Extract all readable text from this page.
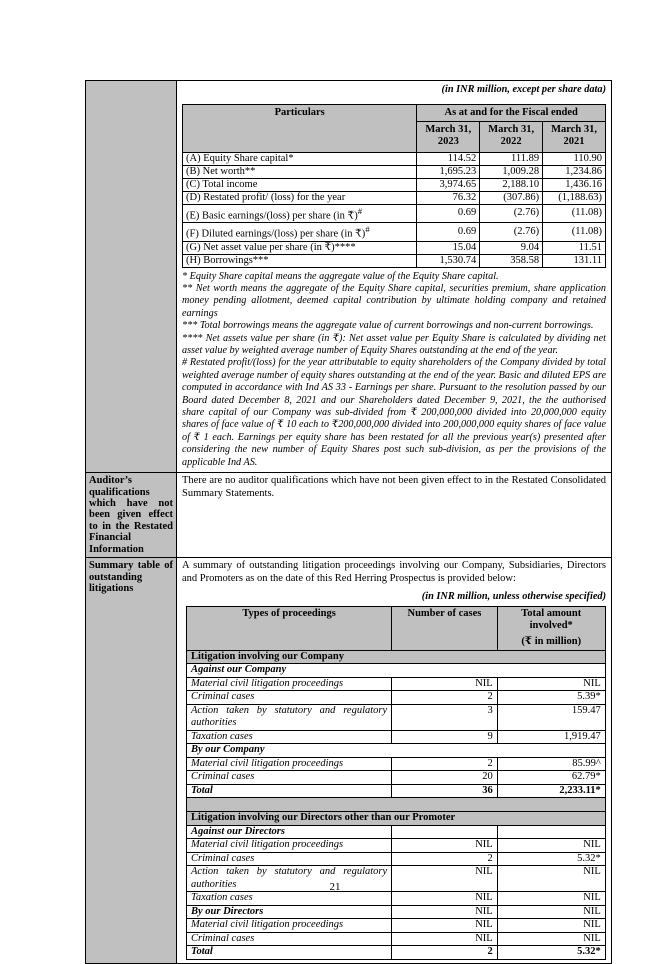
(in INR million, except per share data)
Particulars	As at and for the Fiscal ended
March 31, 2023	March 31, 2022	March 31, 2021
(A) Equity Share capital*	114.52	111.89	110.90
(B) Net worth**	1,695.23	1,009.28	1,234.86
(C) Total income	3,974.65	2,188.10	1,436.16
(D) Restated profit/ (loss) for the year	76.32	(307.86)	(1,188.63)
(E) Basic earnings/(loss) per share (in ₹)#	0.69	(2.76)	(11.08)
(F) Diluted earnings/(loss) per share (in ₹)#	0.69	(2.76)	(11.08)
(G) Net asset value per share (in ₹)****	15.04	9.04	11.51
(H) Borrowings***	1,530.74	358.58	131.11

* Equity Share capital means the aggregate value of the Equity Share capital.

** Net worth means the aggregate of the Equity Share capital, securities premium, share application money pending allotment, deemed capital contribution by ultimate holding company and retained earnings

*** Total borrowings means the aggregate value of current borrowings and non-current borrowings.

**** Net assets value per share (in ₹): Net asset value per Equity Share is calculated by dividing net asset value by weighted average number of Equity Shares outstanding at the end of the year.

# Restated profit/(loss) for the year attributable to equity shareholders of the Company divided by total weighted average number of equity shares outstanding at the end of the year. Basic and diluted EPS are computed in accordance with Ind AS 33 - Earnings per share. Pursuant to the resolution passed by our Board dated December 8, 2021 and our Shareholders dated December 9, 2021, the the authorised share capital of our Company was sub-divided from ₹ 200,000,000 divided into 20,000,000 equity shares of face value of ₹ 10 each to ₹200,000,000 divided into 200,000,000 equity shares of face value of ₹ 1 each. Earnings per equity share has been restated for all the previous year(s) presented after considering the new number of Equity Shares post such sub-division, as per the provisions of the applicable Ind AS.

Auditor’s qualifications which have not been given effect to in the Restated Financial Information	

There are no auditor qualifications which have not been given effect to in the Restated Consolidated Summary Statements.

Summary table of outstanding litigations	

A summary of outstanding litigation proceedings involving our Company, Subsidiaries, Directors and Promoters as on the date of this Red Herring Prospectus is provided below:

(in INR million, unless otherwise specified)
Types of proceedings	Number of cases	Total amount involved*
(₹ in million)

Litigation involving our Company
Against our Company
Material civil litigation proceedings	NIL	NIL
Criminal cases	2	5.39*
Action taken by statutory and regulatory authorities	3	159.47
Taxation cases	9	1,919.47
By our Company
Material civil litigation proceedings	2	85.99^
Criminal cases	20	62.79*
Total	36	2,233.11*

Litigation involving our Directors other than our Promoter
Against our Directors		
Material civil litigation proceedings	NIL	NIL
Criminal cases	2	5.32*
Action taken by statutory and regulatory authorities	NIL	NIL
Taxation cases	NIL	NIL
By our Directors	NIL	NIL
Material civil litigation proceedings	NIL	NIL
Criminal cases	NIL	NIL
Total	2	5.32*
21
